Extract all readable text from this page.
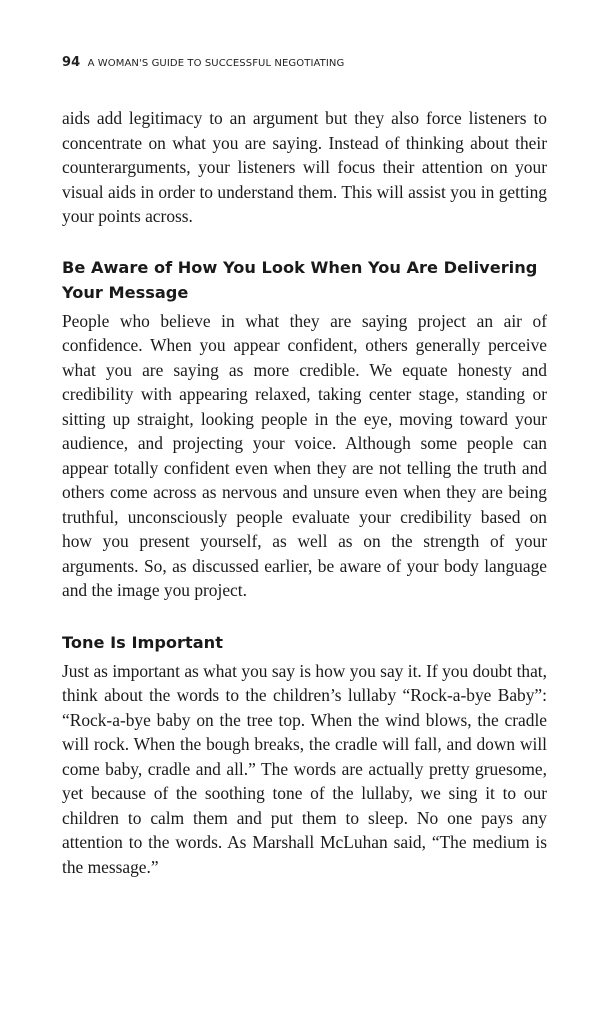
94 A WOMAN'S GUIDE TO SUCCESSFUL NEGOTIATING

aids add legitimacy to an argument but they also force listeners to concentrate on what you are saying. Instead of thinking about their counterarguments, your listeners will focus their attention on your visual aids in order to understand them. This will assist you in getting your points across.

Be Aware of How You Look When You Are Delivering Your Message

People who believe in what they are saying project an air of confidence. When you appear confident, others generally perceive what you are saying as more credible. We equate honesty and credibility with appearing relaxed, taking center stage, standing or sitting up straight, looking people in the eye, moving toward your audience, and projecting your voice. Although some people can appear totally confident even when they are not telling the truth and others come across as nervous and unsure even when they are being truthful, unconsciously people evaluate your credibility based on how you present yourself, as well as on the strength of your arguments. So, as discussed earlier, be aware of your body language and the image you project.

Tone Is Important

Just as important as what you say is how you say it. If you doubt that, think about the words to the children’s lullaby “Rock-a-bye Baby”: “Rock-a-bye baby on the tree top. When the wind blows, the cradle will rock. When the bough breaks, the cradle will fall, and down will come baby, cradle and all.” The words are actually pretty gruesome, yet because of the soothing tone of the lullaby, we sing it to our children to calm them and put them to sleep. No one pays any attention to the words. As Marshall McLuhan said, “The medium is the message.”
